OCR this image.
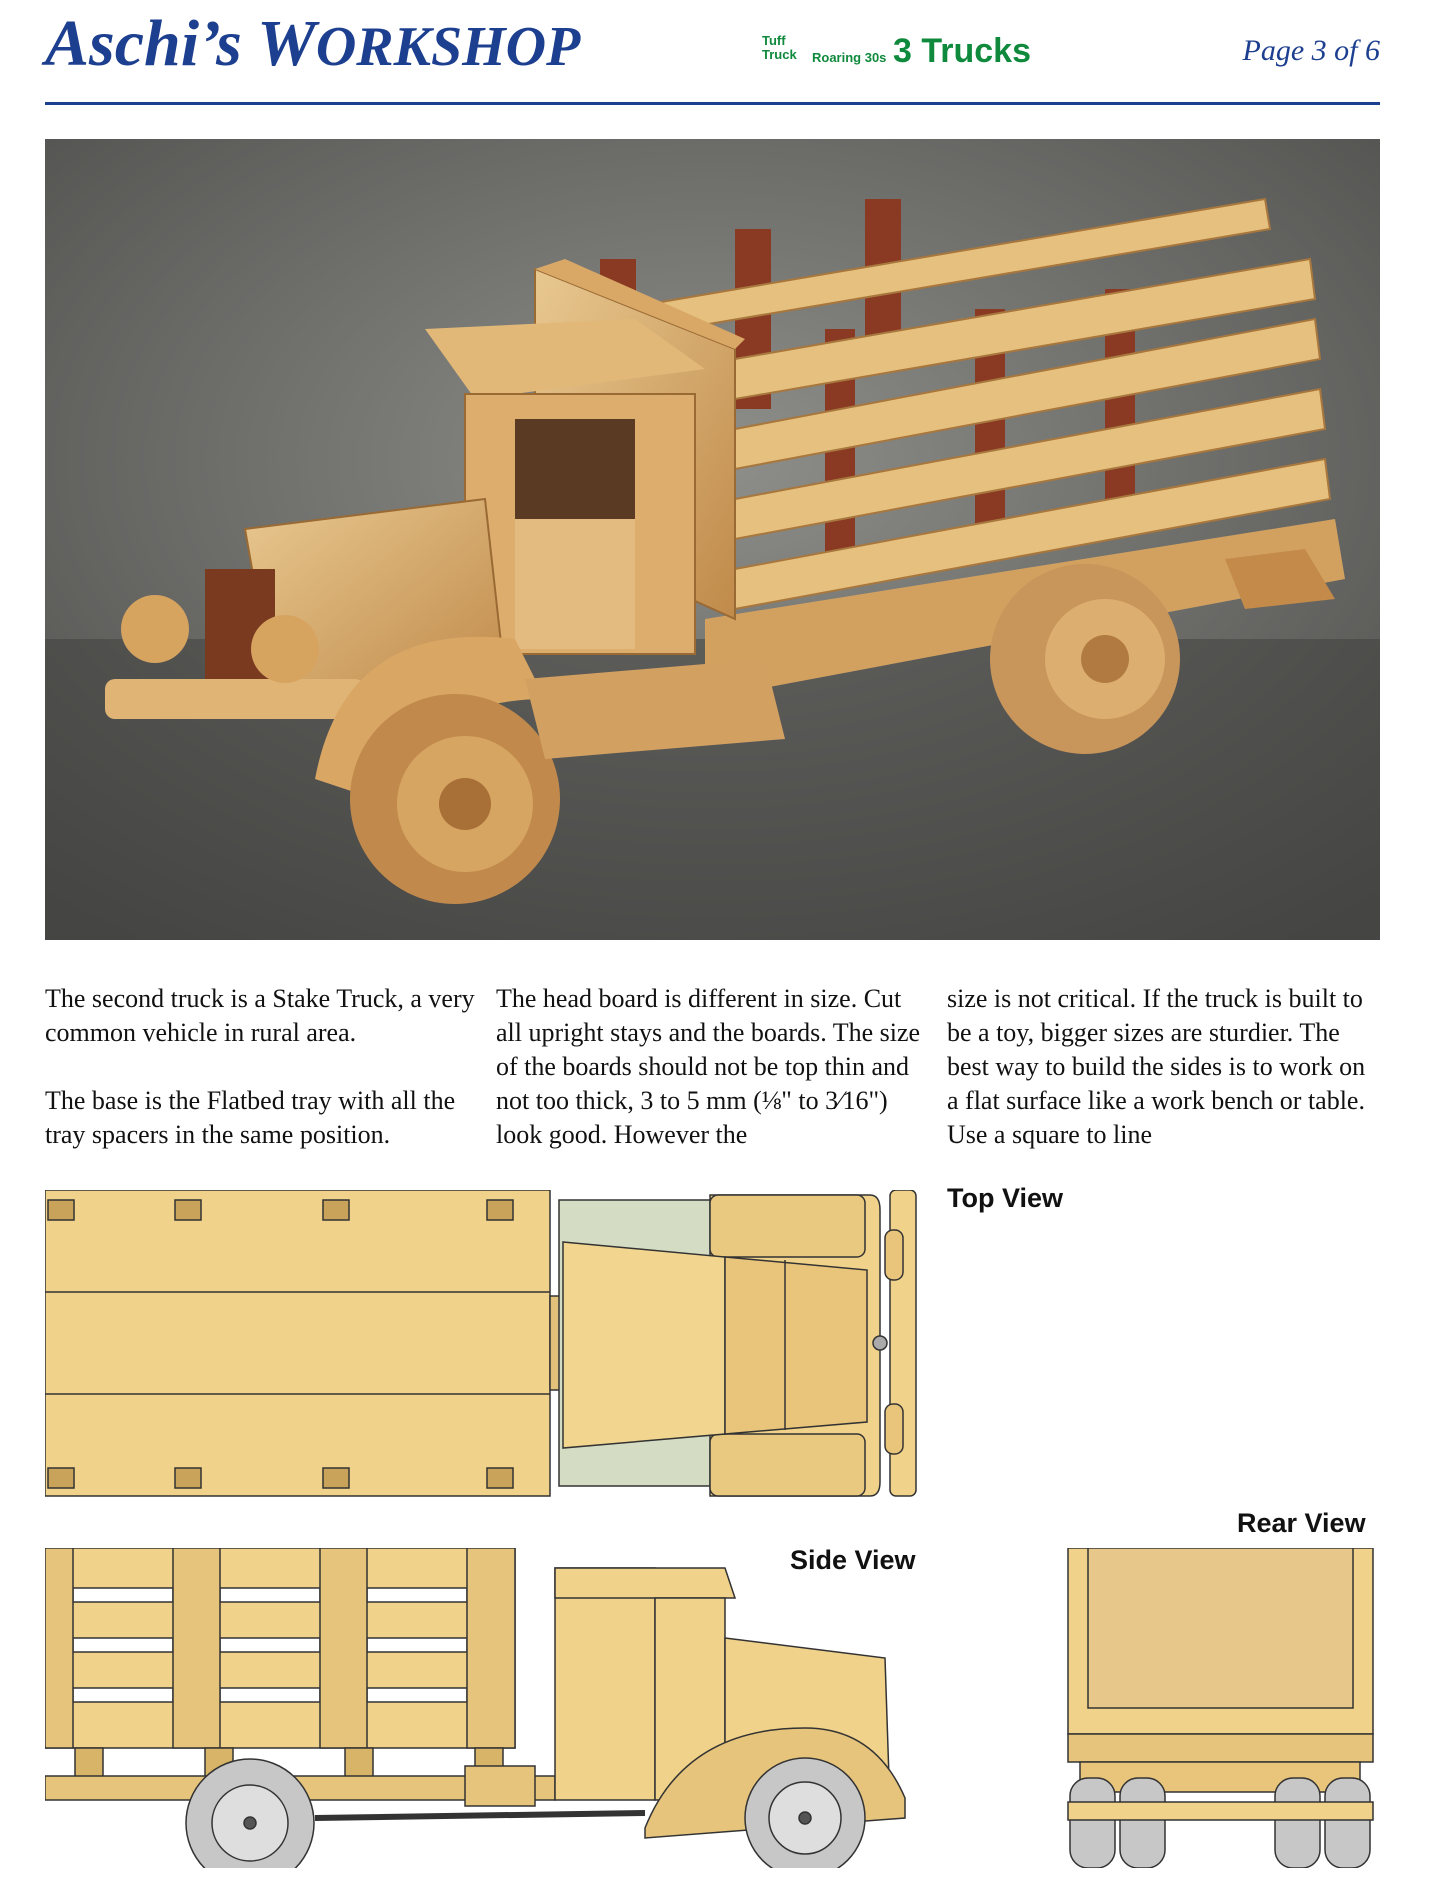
Aschi’s WORKSHOP	Tuff Truck	Roaring 30s 3 Trucks	Page 3 of 6

The second truck is a Stake Truck, a very common vehicle in rural area.

The base is the Flatbed tray with all the tray spacers in the same position.

The head board is different in size. Cut all upright stays and the boards. The size of the boards should not be top thin and not too thick, 3 to 5 mm (⅛" to 3⁄16") look good. However the

size is not critical. If the truck is built to be a toy, bigger sizes are sturdier. The best way to build the sides is to work on a flat surface like a work bench or table. Use a square to line

Top View
Side View
Rear View
